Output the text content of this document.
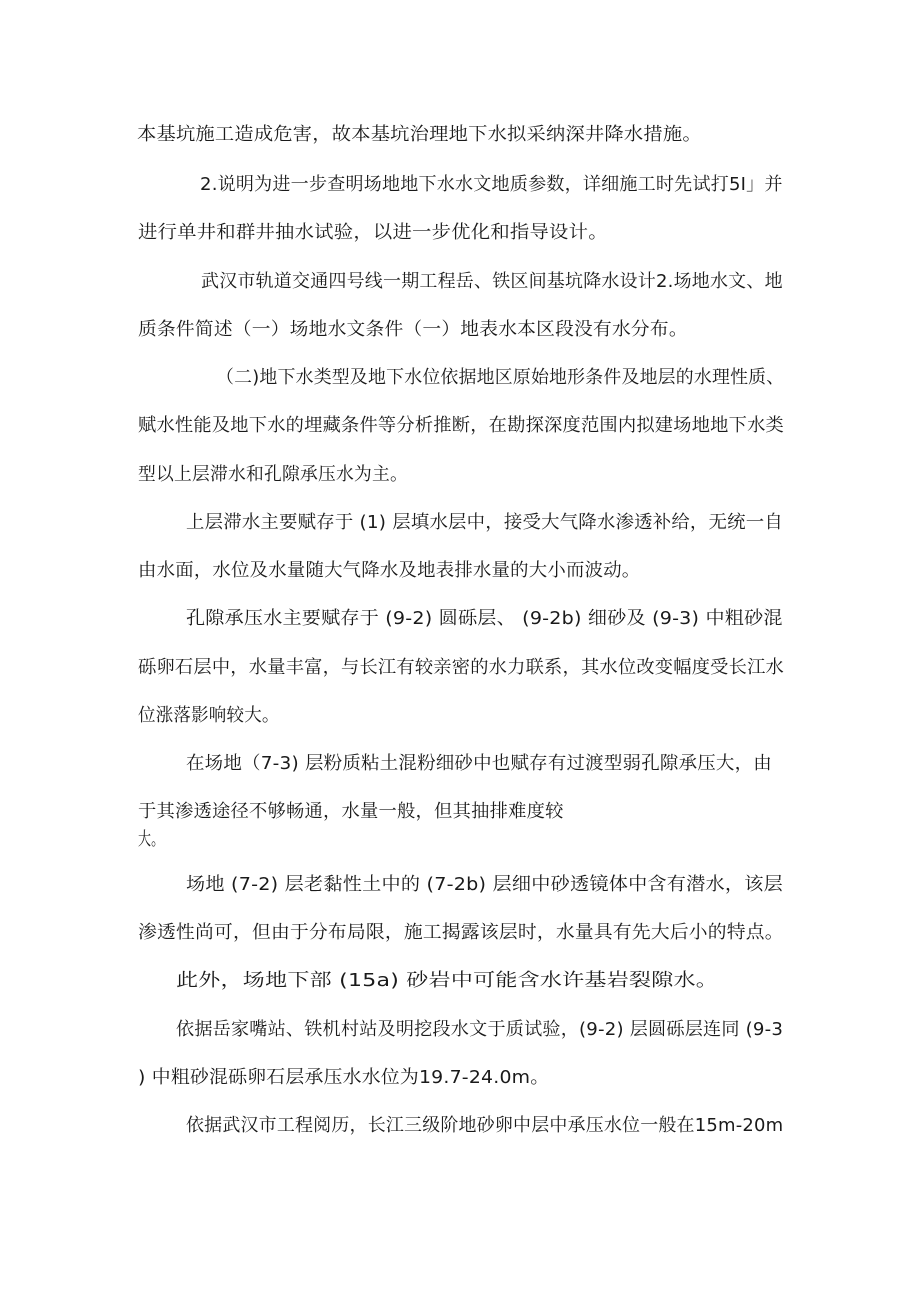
本基坑施工造成危害，故本基坑治理地下水拟采纳深井降水措施。
2.说明为进一步查明场地地下水水文地质参数，详细施工时先试打5I」并
进行单井和群井抽水试验，以进一步优化和指导设计。
武汉市轨道交通四号线一期工程岳、铁区间基坑降水设计2.场地水文、地
质条件简述（一）场地水文条件（一）地表水本区段没有水分布。
（二)地下水类型及地下水位依据地区原始地形条件及地层的水理性质、
赋水性能及地下水的埋藏条件等分析推断，在勘探深度范围内拟建场地地下水类
型以上层滞水和孔隙承压水为主。
上层滞水主要赋存于 (1) 层填水层中，接受大气降水渗透补给，无统一自
由水面，水位及水量随大气降水及地表排水量的大小而波动。
孔隙承压水主要赋存于 (9-2) 圆砾层、 (9-2b) 细砂及 (9-3) 中粗砂混
砾卵石层中，水量丰富，与长江有较亲密的水力联系，其水位改变幅度受长江水
位涨落影响较大。
在场地（7-3) 层粉质粘土混粉细砂中也赋存有过渡型弱孔隙承压大，由
于其渗透途径不够畅通，水量一般，但其抽排难度较
大。
场地 (7-2) 层老黏性土中的 (7-2b) 层细中砂透镜体中含有潜水，该层
渗透性尚可，但由于分布局限，施工揭露该层时，水量具有先大后小的特点。
此外，场地下部 (15a) 砂岩中可能含水许基岩裂隙水。
依据岳家嘴站、铁机村站及明挖段水文于质试验，(9-2) 层圆砾层连同 (9-3
) 中粗砂混砾卵石层承压水水位为19.7-24.0m。
依据武汉市工程阅历，长江三级阶地砂卵中层中承压水位一般在15m-20m
